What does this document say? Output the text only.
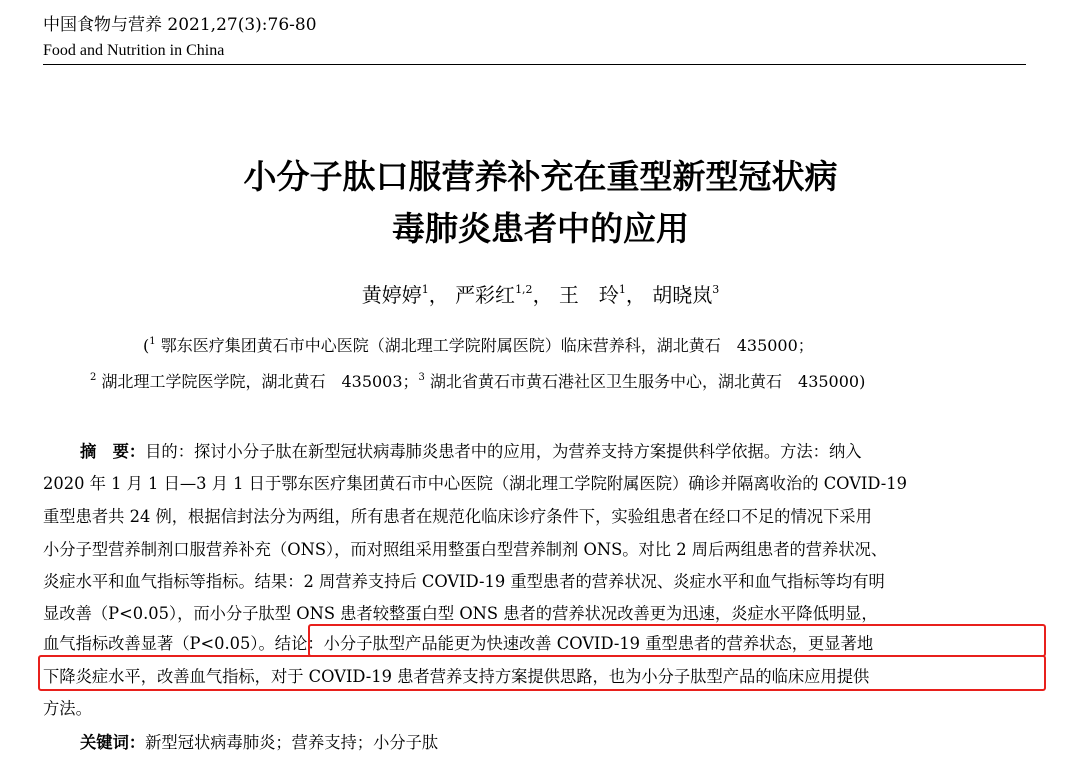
中国食物与营养 2021,27(3):76-80
Food and Nutrition in China
小分子肽口服营养补充在重型新型冠状病
毒肺炎患者中的应用
黄婷婷$^1$， 严彩红$^{1,2}$， 王　玲$^1$， 胡晓岚$^3$
($^1$ 鄂东医疗集团黄石市中心医院（湖北理工学院附属医院）临床营养科，湖北黄石　435000；
$^2$ 湖北理工学院医学院，湖北黄石　435003；$^3$ 湖北省黄石市黄石港社区卫生服务中心，湖北黄石　435000)
摘　要：目的：探讨小分子肽在新型冠状病毒肺炎患者中的应用，为营养支持方案提供科学依据。方法：纳入
2020 年 1 月 1 日—3 月 1 日于鄂东医疗集团黄石市中心医院（湖北理工学院附属医院）确诊并隔离收治的 COVID-19
重型患者共 24 例，根据信封法分为两组，所有患者在规范化临床诊疗条件下，实验组患者在经口不足的情况下采用
小分子型营养制剂口服营养补充（ONS），而对照组采用整蛋白型营养制剂 ONS。对比 2 周后两组患者的营养状况、
炎症水平和血气指标等指标。结果：2 周营养支持后 COVID-19 重型患者的营养状况、炎症水平和血气指标等均有明
显改善（P<0.05），而小分子肽型 ONS 患者较整蛋白型 ONS 患者的营养状况改善更为迅速，炎症水平降低明显，
血气指标改善显著（P<0.05）。结论：小分子肽型产品能更为快速改善 COVID-19 重型患者的营养状态，更显著地
下降炎症水平，改善血气指标，对于 COVID-19 患者营养支持方案提供思路，也为小分子肽型产品的临床应用提供
方法。
关键词：新型冠状病毒肺炎；营养支持；小分子肽
